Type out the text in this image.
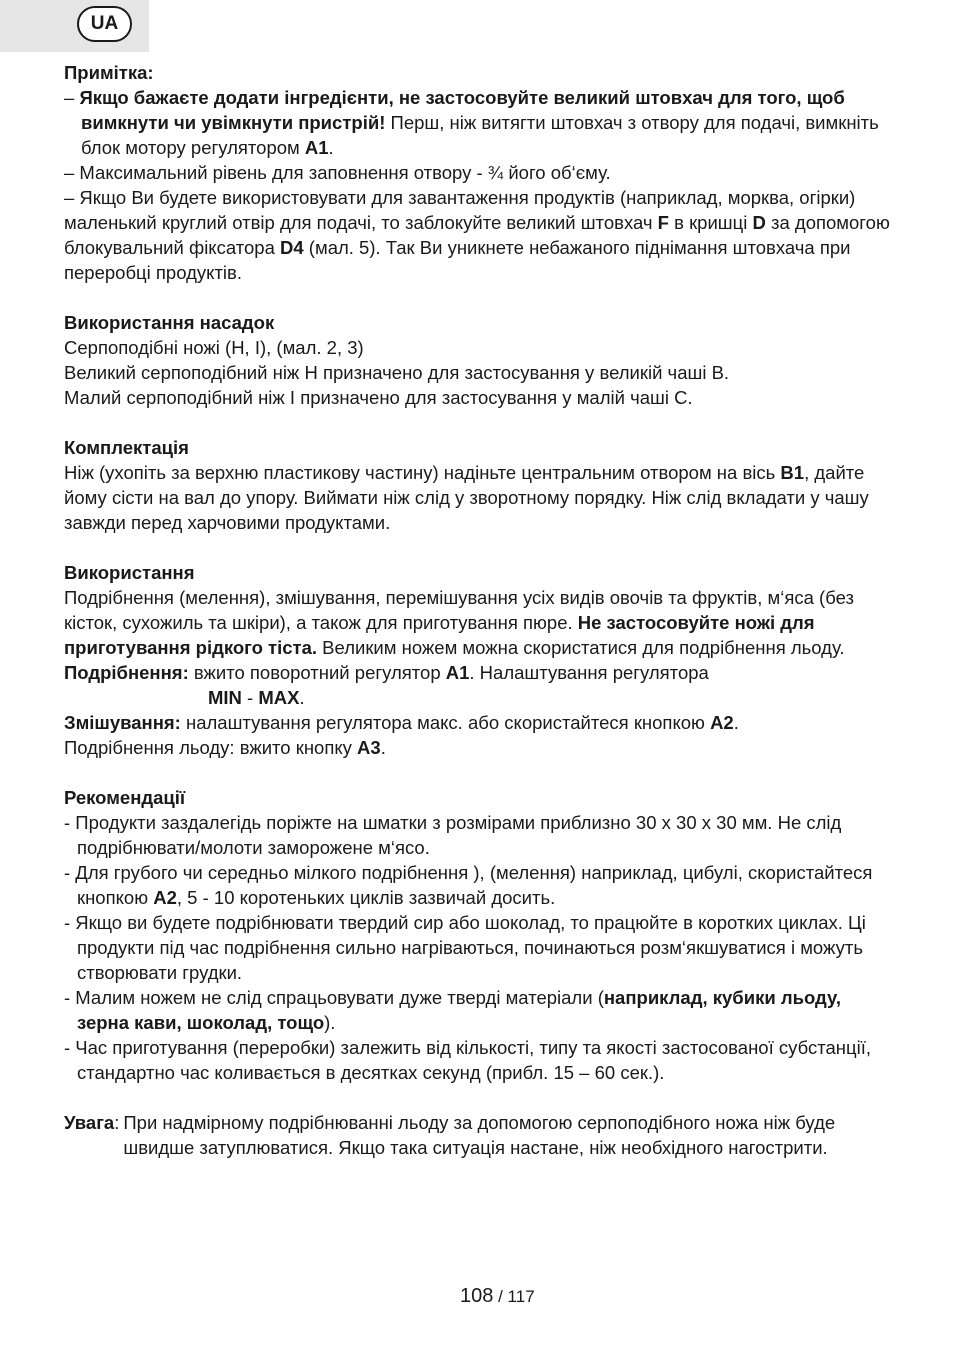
UA

Примітка:

– Якщо бажаєте додати інгредієнти, не застосовуйте великий штовхач для того, щоб вимкнути чи увімкнути пристрій! Перш, ніж витягти штовхач з отвору для подачі, вимкніть блок мотору регулятором A1.

– Максимальний рівень для заповнення отвору - ¾ його об‘єму.

– Якщо Ви будете використовувати для завантаження продуктів (наприклад, морква, огірки) маленький круглий отвір для подачі, то заблокуйте великий штовхач F в кришці D за допомогою блокувальний фіксатора D4 (мал. 5). Так Ви уникнете небажаного піднімання штовхача при переробці продуктів.

Використання насадок

Серпоподібні ножі (H, I), (мал. 2, 3)

Великий серпоподібний ніж H призначено для застосування у великій чаші B.

Малий серпоподібний ніж I призначено для застосування у малій чаші C.

Комплектація

Ніж (ухопіть за верхню пластикову частину) надіньте центральним отвором на вісь B1, дайте йому сісти на вал до упору. Виймати ніж слід у зворотному порядку. Ніж слід вкладати у чашу завжди перед харчовими продуктами.

Використання

Подрібнення (мелення), змішування, перемішування усіх видів овочів та фруктів, м‘яса (без кісток, сухожиль та шкіри), а також для приготування пюре. Не застосовуйте ножі для приготування рідкого тіста. Великим ножем можна скористатися для подрібнення льоду.

Подрібнення: вжито поворотний регулятор A1. Налаштування регулятора

MIN - MAX.

Змішування: налаштування регулятора макс. або скористайтеся кнопкою A2.

Подрібнення льоду: вжито кнопку A3.

Рекомендації

- Продукти заздалегідь поріжте на шматки з розмірами приблизно 30 x 30 x 30 мм. Не слід подрібнювати/молоти заморожене м‘ясо.

- Для грубого чи середньо мілкого подрібнення ), (мелення) наприклад, цибулі, скористайтеся кнопкою A2, 5 - 10 коротеньких циклів зазвичай досить.

- Якщо ви будете подрібнювати твердий сир або шоколад, то працюйте в коротких циклах. Ці продукти під час подрібнення сильно нагріваються, починаються розм‘якшуватися і можуть створювати грудки.

- Малим ножем не слід спрацьовувати дуже тверді матеріали (наприклад, кубики льоду, зерна кави, шоколад, тощо).

- Час приготування (переробки) залежить від кількості, типу та якості застосованої субстанції, стандартно час коливається в десятках секунд (прибл. 15 – 60 сек.).

Увага: При надмірному подрібнюванні льоду за допомогою серпоподібного ножа ніж буде швидше затуплюватися. Якщо така ситуація настане, ніж необхідного нагострити.
108 / 117
